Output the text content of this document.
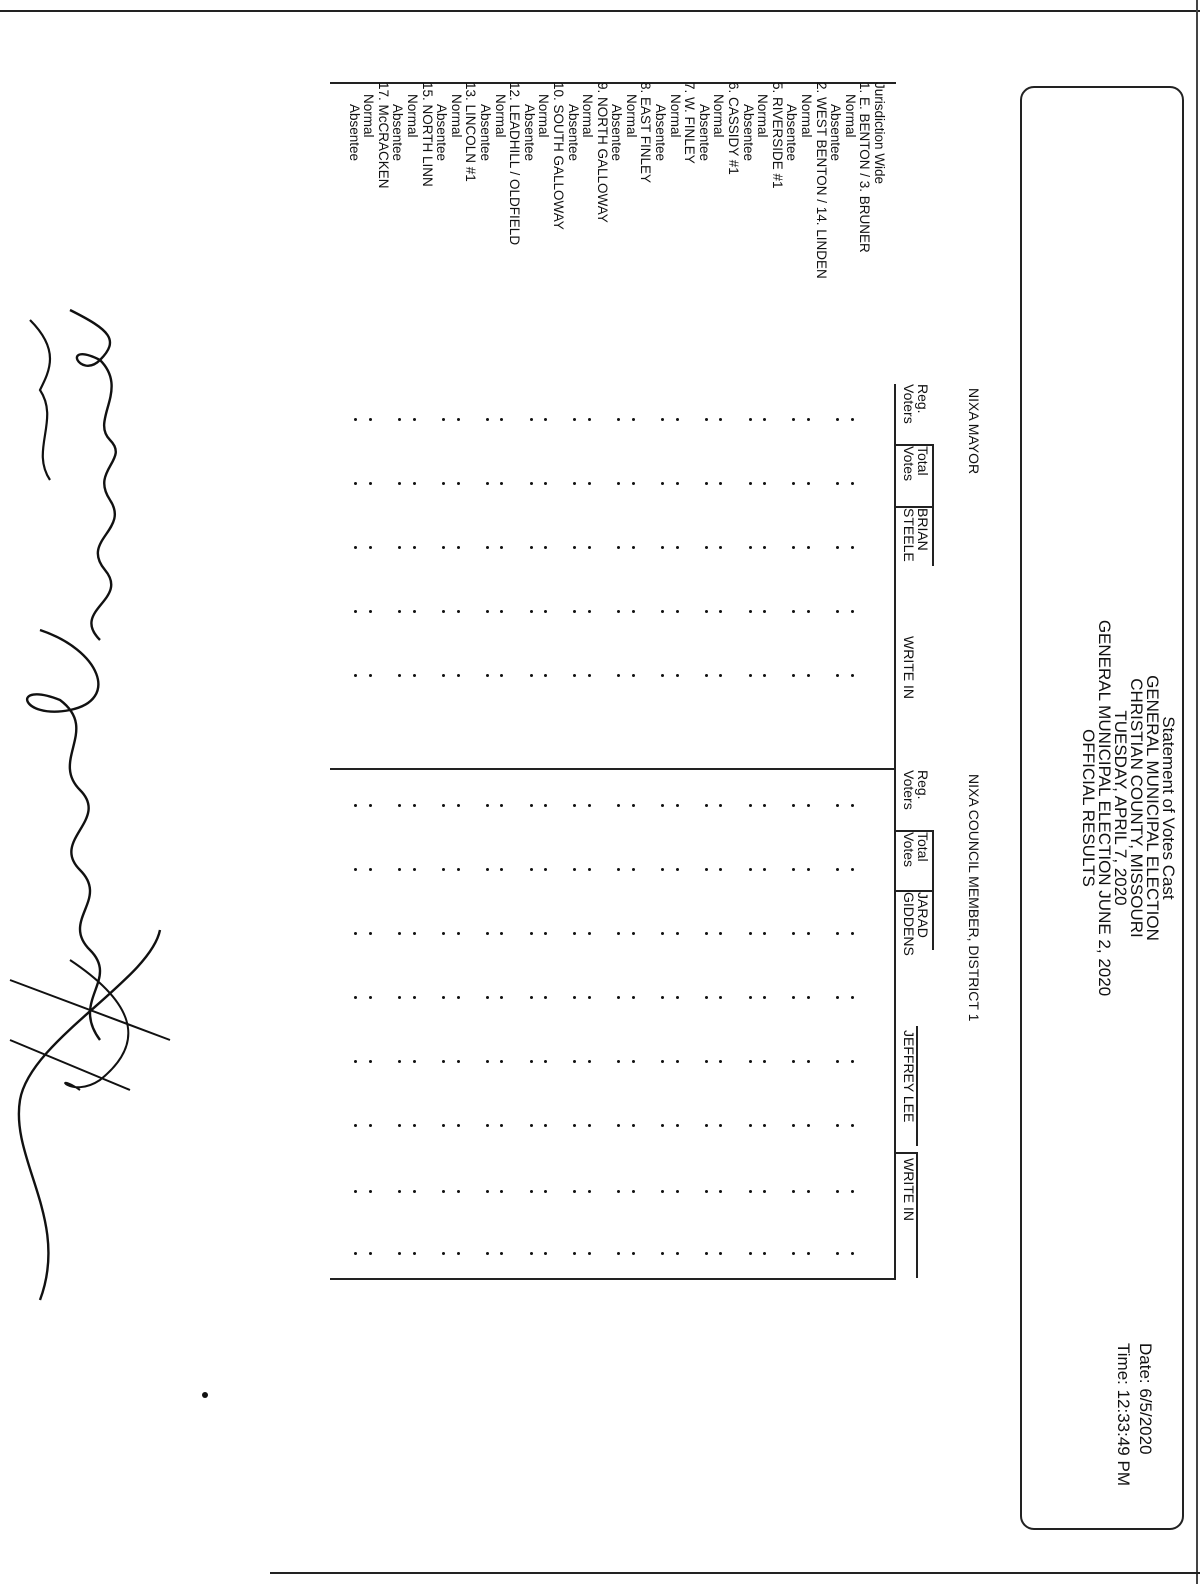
Statement of Votes Cast
GENERAL MUNICIPAL ELECTION
CHRISTIAN COUNTY, MISSOURI
TUESDAY, APRIL 7, 2020
GENERAL MUNICIPAL ELECTION JUNE 2, 2020
OFFICIAL RESULTS
Date: 6/5/2020
Time: 12:33:49 PM
NIXA MAYOR
NIXA COUNCIL MEMBER, DISTRICT 1
Reg.
Voters
Total
Votes
BRIAN
STEELE
WRITE IN
Reg.
Voters
Total
Votes
JARAD
GIDDENS
JEFFREY LEE
WRITE IN
Jurisdiction Wide
1. E. BENTON / 3. BRUNER
Normal
Absentee
2. WEST BENTON / 14. LINDEN
Normal
Absentee
5. RIVERSIDE #1
Normal
Absentee
6. CASSIDY #1
Normal
Absentee
7. W. FINLEY
Normal
Absentee
8. EAST FINLEY
Normal
Absentee
9. NORTH GALLOWAY
Normal
Absentee
10. SOUTH GALLOWAY
Normal
Absentee
12. LEADHILL / OLDFIELD
Normal
Absentee
13. LINCOLN #1
Normal
Absentee
15. NORTH LINN
Normal
Absentee
17. McCRACKEN
Normal
Absentee
